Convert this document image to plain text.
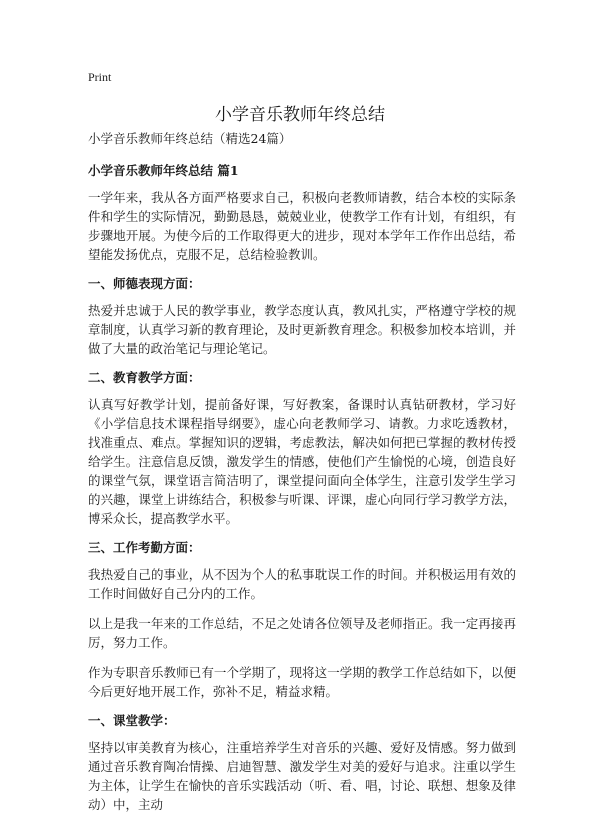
Print
小学音乐教师年终总结
小学音乐教师年终总结（精选24篇）
小学音乐教师年终总结 篇1
一学年来，我从各方面严格要求自己，积极向老教师请教，结合本校的实际条件和学生的实际情况，勤勤恳恳，兢兢业业，使教学工作有计划，有组织，有步骤地开展。为使今后的工作取得更大的进步，现对本学年工作作出总结，希望能发扬优点，克服不足，总结检验教训。
一、师德表现方面：
热爱并忠诚于人民的教学事业，教学态度认真，教风扎实，严格遵守学校的规章制度，认真学习新的教育理论，及时更新教育理念。积极参加校本培训，并做了大量的政治笔记与理论笔记。
二、教育教学方面：
认真写好教学计划，提前备好课，写好教案，备课时认真钻研教材，学习好《小学信息技术课程指导纲要》，虚心向老教师学习、请教。力求吃透教材，找准重点、难点。掌握知识的逻辑，考虑教法，解决如何把已掌握的教材传授给学生。注意信息反馈，激发学生的情感，使他们产生愉悦的心境，创造良好的课堂气氛，课堂语言简洁明了，课堂提问面向全体学生，注意引发学生学习的兴趣，课堂上讲练结合，积极参与听课、评课，虚心向同行学习教学方法，博采众长，提高教学水平。
三、工作考勤方面：
我热爱自己的事业，从不因为个人的私事耽误工作的时间。并积极运用有效的工作时间做好自己分内的工作。
以上是我一年来的工作总结，不足之处请各位领导及老师指正。我一定再接再厉，努力工作。
作为专职音乐教师已有一个学期了，现将这一学期的教学工作总结如下，以便今后更好地开展工作，弥补不足，精益求精。
一、课堂教学：
坚持以审美教育为核心，注重培养学生对音乐的兴趣、爱好及情感。努力做到通过音乐教育陶冶情操、启迪智慧、激发学生对美的爱好与追求。注重以学生为主体，让学生在愉快的音乐实践活动（听、看、唱，讨论、联想、想象及律动）中，主动
